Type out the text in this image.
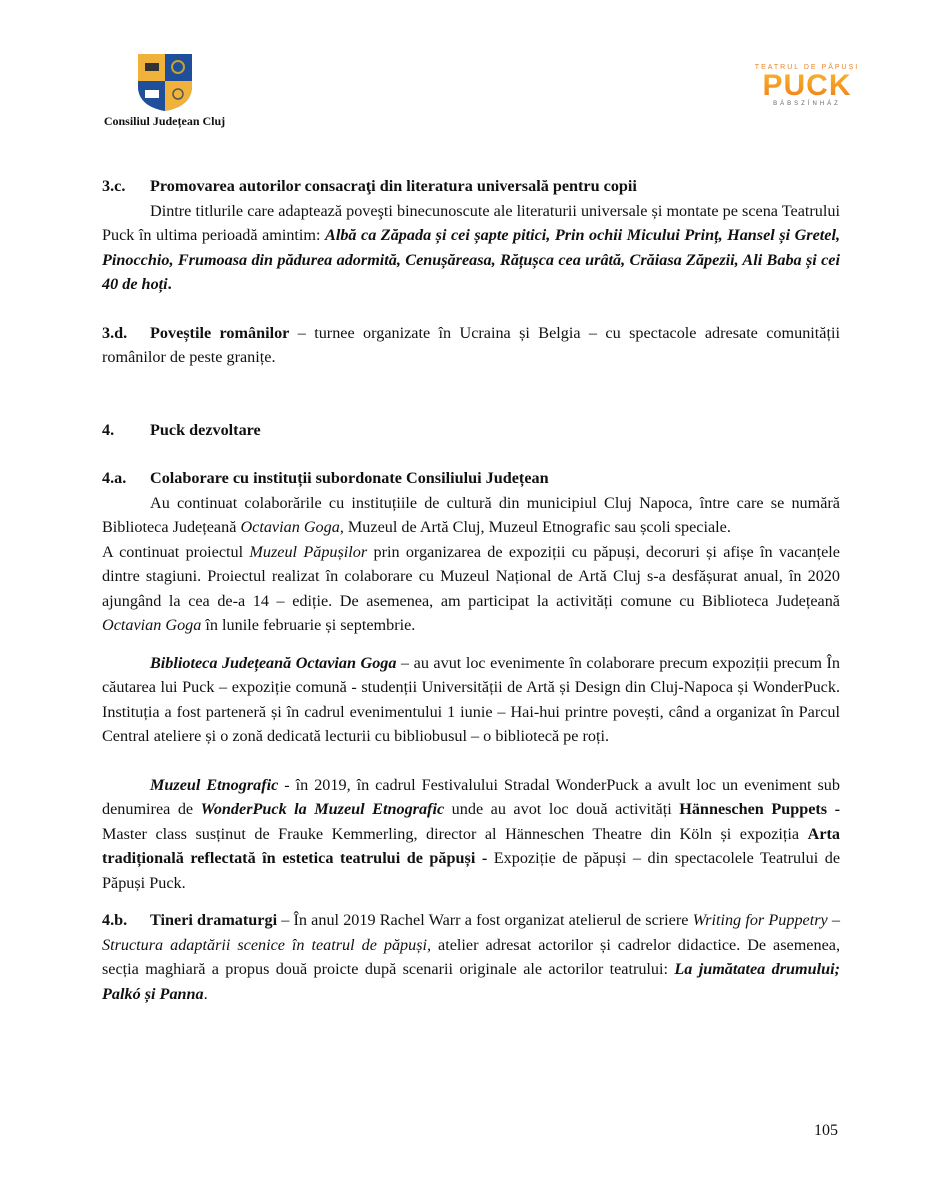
Consiliul Județean Cluj
TEATRUL DE PĂPUȘI
PUCK
BÁBSZÍNHÁZ

3.c. Promovarea autorilor consacraţi din literatura universală pentru copii

Dintre titlurile care adaptează poveşti binecunoscute ale literaturii universale și montate pe scena Teatrului Puck în ultima perioadă amintim: Albă ca Zăpada și cei șapte pitici, Prin ochii Micului Prinț, Hansel și Gretel, Pinocchio, Frumoasa din pădurea adormită, Cenușăreasa, Rățușca cea urâtă, Crăiasa Zăpezii, Ali Baba și cei 40 de hoți.

3.d. Poveștile românilor – turnee organizate în Ucraina și Belgia – cu spectacole adresate comunității românilor de peste granițe.

4. Puck dezvoltare

4.a. Colaborare cu instituții subordonate Consiliului Județean

Au continuat colaborările cu instituțiile de cultură din municipiul Cluj Napoca, între care se numără Biblioteca Județeană Octavian Goga, Muzeul de Artă Cluj, Muzeul Etnografic sau școli speciale.

A continuat proiectul Muzeul Păpușilor prin organizarea de expoziții cu păpuși, decoruri și afișe în vacanțele dintre stagiuni. Proiectul realizat în colaborare cu Muzeul Național de Artă Cluj s-a desfășurat anual, în 2020 ajungând la cea de-a 14 – ediție. De asemenea, am participat la activități comune cu Biblioteca Județeană Octavian Goga în lunile februarie și septembrie.

Biblioteca Județeană Octavian Goga – au avut loc evenimente în colaborare precum expoziții precum În căutarea lui Puck – expoziție comună - studenții Universității de Artă și Design din Cluj-Napoca și WonderPuck. Instituția a fost parteneră și în cadrul evenimentului 1 iunie – Hai-hui printre povești, când a organizat în Parcul Central ateliere și o zonă dedicată lecturii cu bibliobusul – o bibliotecă pe roți.

Muzeul Etnografic - în 2019, în cadrul Festivalului Stradal WonderPuck a avult loc un eveniment sub denumirea de WonderPuck la Muzeul Etnografic unde au avot loc două activități Hänneschen Puppets - Master class susținut de Frauke Kemmerling, director al Hänneschen Theatre din Köln și expoziția Arta tradițională reflectată în estetica teatrului de păpuși - Expoziție de păpuși – din spectacolele Teatrului de Păpuși Puck.

4.b. Tineri dramaturgi – În anul 2019 Rachel Warr a fost organizat atelierul de scriere Writing for Puppetry – Structura adaptării scenice în teatrul de păpuși, atelier adresat actorilor și cadrelor didactice. De asemenea, secția maghiară a propus două proicte după scenarii originale ale actorilor teatrului: La jumătatea drumului; Palkó și Panna.

105
